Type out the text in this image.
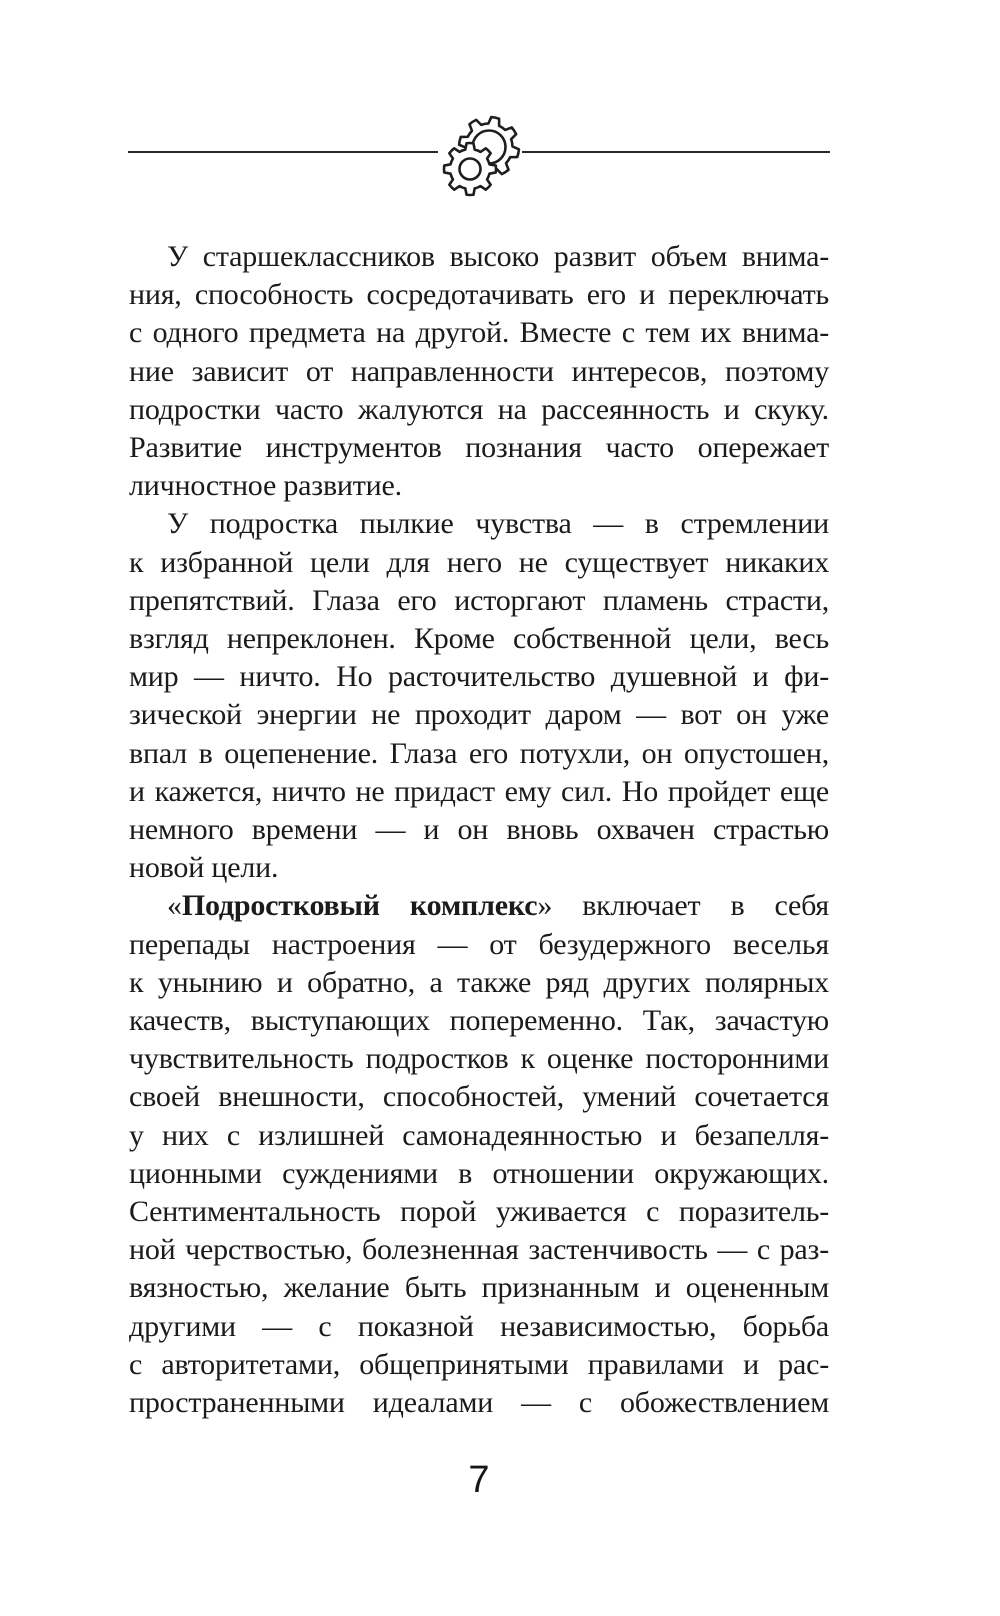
У старшеклассников высоко развит объем внима-
ния, способность сосредотачивать его и переключать
с одного предмета на другой. Вместе с тем их внима-
ние зависит от направленности интересов, поэтому
подростки часто жалуются на рассеянность и скуку.
Развитие инструментов познания часто опережает
личностное развитие.
У подростка пылкие чувства — в стремлении
к избранной цели для него не существует никаких
препятствий. Глаза его исторгают пламень страсти,
взгляд непреклонен. Кроме собственной цели, весь
мир — ничто. Но расточительство душевной и фи-
зической энергии не проходит даром — вот он уже
впал в оцепенение. Глаза его потухли, он опустошен,
и кажется, ничто не придаст ему сил. Но пройдет еще
немного времени — и он вновь охвачен страстью
новой цели.
«Подростковый комплекс» включает в себя
перепады настроения — от безудержного веселья
к унынию и обратно, а также ряд других полярных
качеств, выступающих попеременно. Так, зачастую
чувствительность подростков к оценке посторонними
своей внешности, способностей, умений сочетается
у них с излишней самонадеянностью и безапелля-
ционными суждениями в отношении окружающих.
Сентиментальность порой уживается с поразитель-
ной черствостью, болезненная застенчивость — с раз-
вязностью, желание быть признанным и оцененным
другими — с показной независимостью, борьба
с авторитетами, общепринятыми правилами и рас-
пространенными идеалами — с обожествлением
7
